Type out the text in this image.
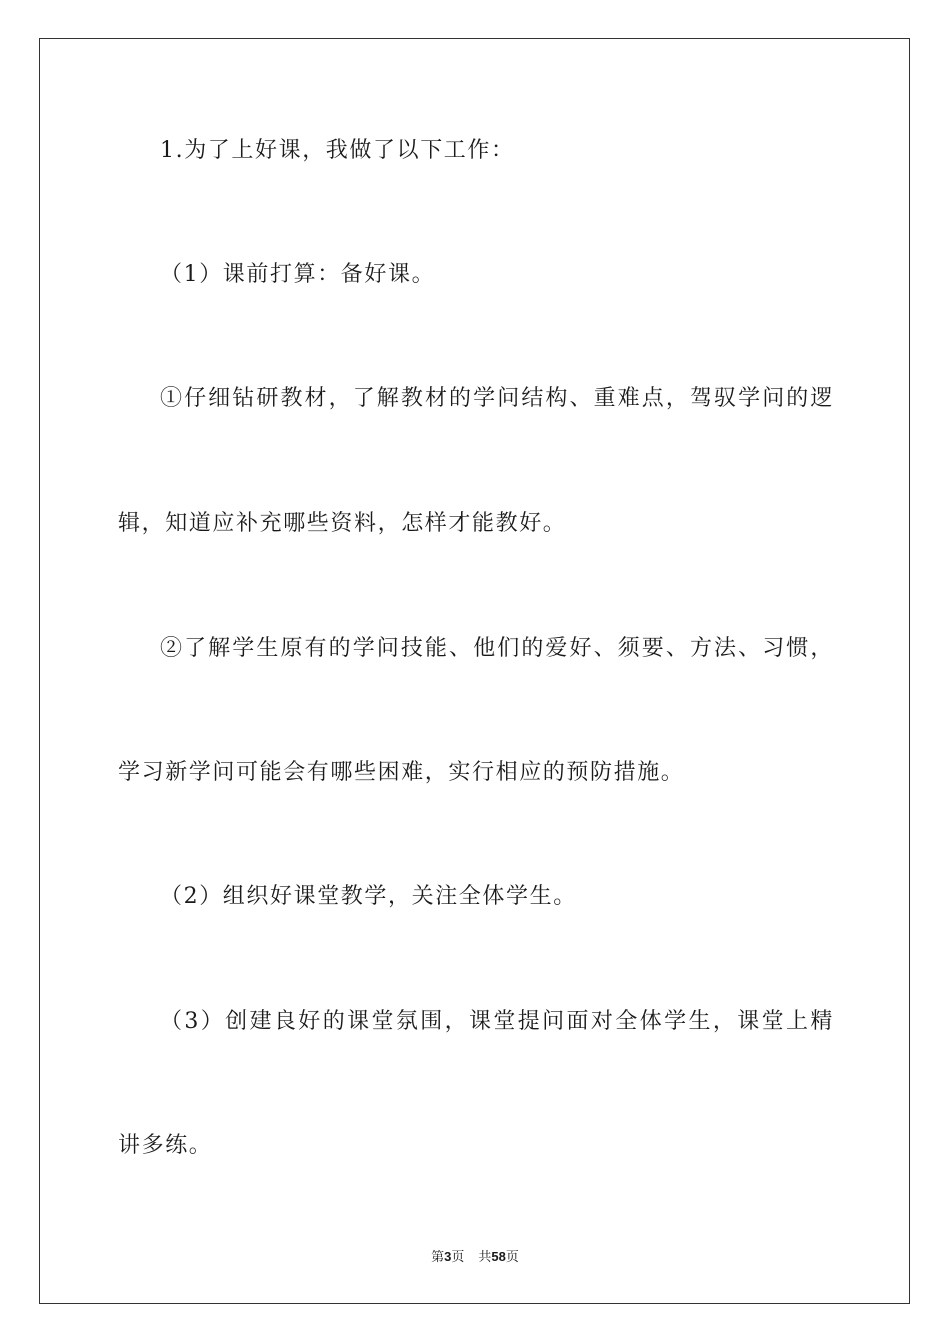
1.为了上好课，我做了以下工作：

（1）课前打算：备好课。

①仔细钻研教材，了解教材的学问结构、重难点，驾驭学问的逻

辑，知道应补充哪些资料，怎样才能教好。

②了解学生原有的学问技能、他们的爱好、须要、方法、习惯，

学习新学问可能会有哪些困难，实行相应的预防措施。

（2）组织好课堂教学，关注全体学生。

（3）创建良好的课堂氛围，课堂提问面对全体学生，课堂上精

讲多练。

第3页 共58页
